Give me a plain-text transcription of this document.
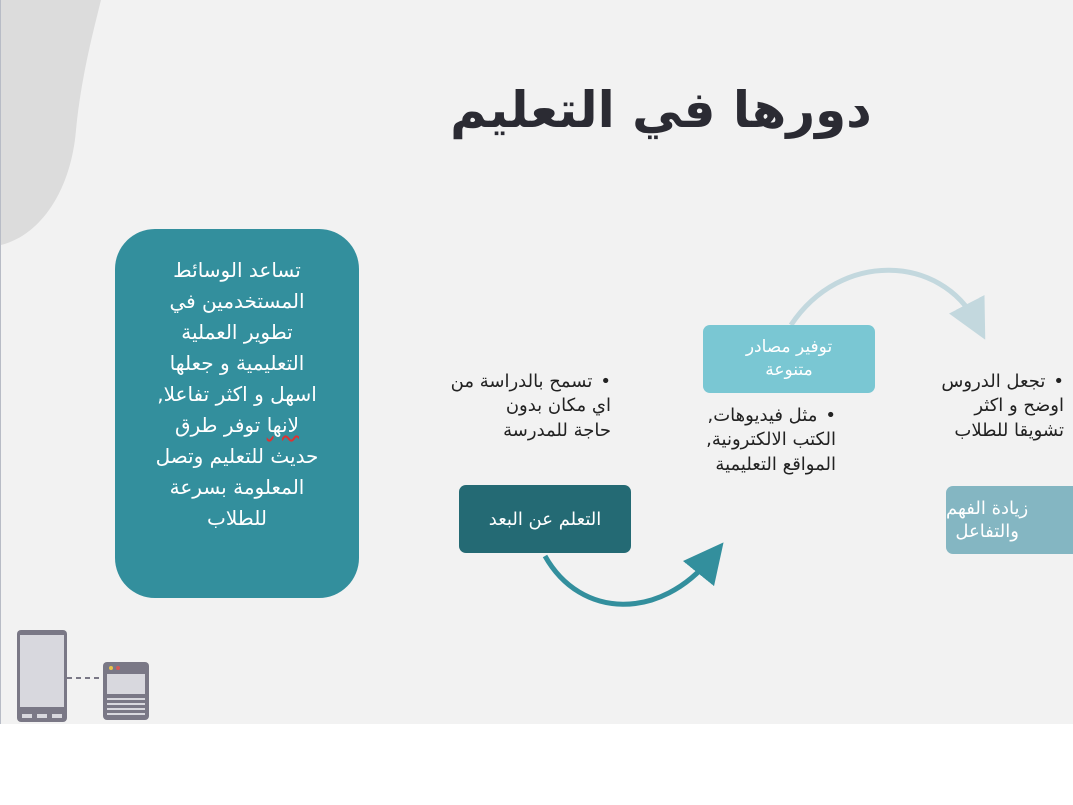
دورها في التعليم
تساعد الوسائط
المستخدمين في
تطوير العملية
التعليمية و جعلها
اسهل و اكثر تفاعلا,
لانها توفر طرق
حديث للتعليم وتصل
المعلومة بسرعة
للطلاب
•تسمح بالدراسة من
اي مكان بدون
حاجة للمدرسة
•مثل فيديوهات,
الكتب الالكترونية,
المواقع التعليمية
•تجعل الدروس
اوضح و اكثر
تشويقا للطلاب
التعلم عن البعد
توفير مصادر
متنوعة
زيادة الفهم
والتفاعل
